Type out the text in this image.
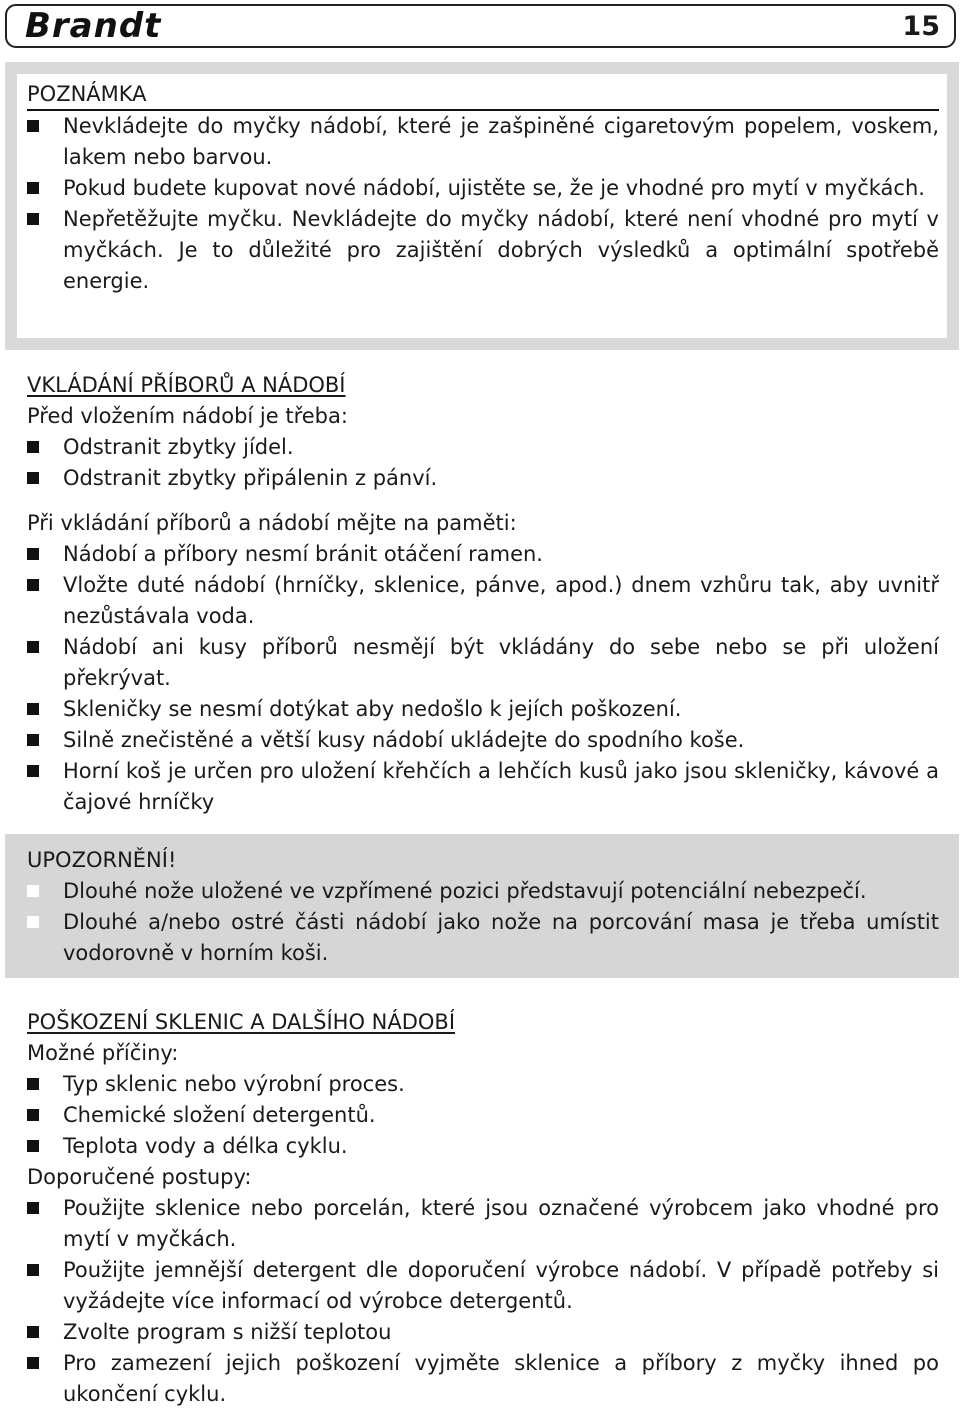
Brandt	15
POZNÁMKA
Nevkládejte do myčky nádobí, které je zašpiněné cigaretovým popelem, voskem, lakem nebo barvou.
Pokud budete kupovat nové nádobí, ujistěte se, že je vhodné pro mytí v myčkách.
Nepřetěžujte myčku. Nevkládejte do myčky nádobí, které není vhodné pro mytí v myčkách. Je to důležité pro zajištění dobrých výsledků a optimální spotřebě energie.
VKLÁDÁNÍ PŘÍBORŮ A NÁDOBÍ
Před vložením nádobí je třeba:
Odstranit zbytky jídel.
Odstranit zbytky připálenin z pánví.
Při vkládání příborů a nádobí mějte na paměti:
Nádobí a příbory nesmí bránit otáčení ramen.
Vložte duté nádobí (hrníčky, sklenice, pánve, apod.) dnem vzhůru tak, aby uvnitř nezůstávala voda.
Nádobí ani kusy příborů nesmějí být vkládány do sebe nebo se při uložení překrývat.
Skleničky se nesmí dotýkat aby nedošlo k jejích poškození.
Silně znečistěné a větší kusy nádobí ukládejte do spodního koše.
Horní koš je určen pro uložení křehčích a lehčích kusů jako jsou skleničky, kávové a čajové hrníčky
UPOZORNĚNÍ!
Dlouhé nože uložené ve vzpřímené pozici představují potenciální nebezpečí.
Dlouhé a/nebo ostré části nádobí jako nože na porcování masa je třeba umístit vodorovně v horním koši.
POŠKOZENÍ SKLENIC A DALŠÍHO NÁDOBÍ
Možné příčiny:
Typ sklenic nebo výrobní proces.
Chemické složení detergentů.
Teplota vody a délka cyklu.
Doporučené postupy:
Použijte sklenice nebo porcelán, které jsou označené výrobcem jako vhodné pro mytí v myčkách.
Použijte jemnější detergent dle doporučení výrobce nádobí. V případě potřeby si vyžádejte více informací od výrobce detergentů.
Zvolte program s nižší teplotou
Pro zamezení jejich poškození vyjměte sklenice a příbory z myčky ihned po ukončení cyklu.
